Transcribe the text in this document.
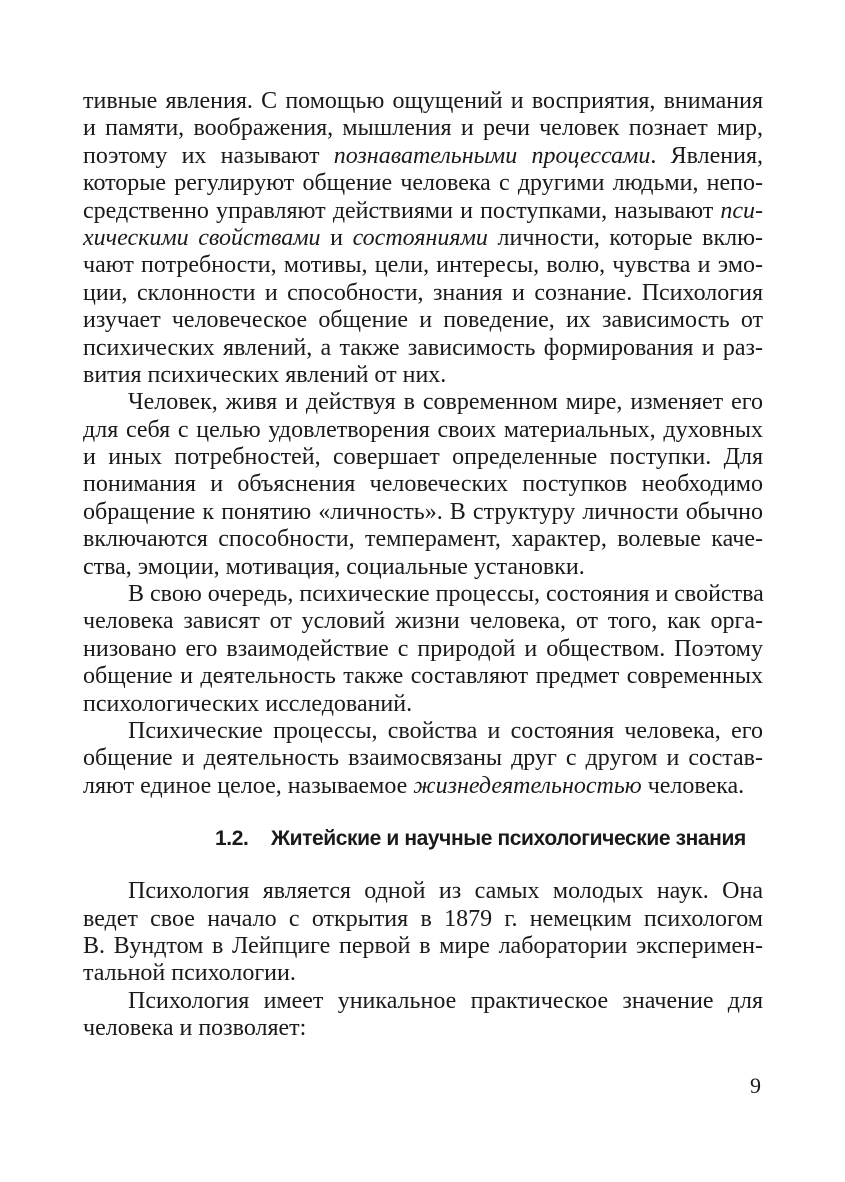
тивные явления. С помощью ощущений и восприятия, внимания
и памяти, воображения, мышления и речи человек познает мир,
поэтому их называют познавательными процессами. Явления,
которые регулируют общение человека с другими людьми, непо-
средственно управляют действиями и поступками, называют пси-
хическими свойствами и состояниями личности, которые вклю-
чают потребности, мотивы, цели, интересы, волю, чувства и эмо-
ции, склонности и способности, знания и сознание. Психология
изучает человеческое общение и поведение, их зависимость от
психических явлений, а также зависимость формирования и раз-
вития психических явлений от них.
Человек, живя и действуя в современном мире, изменяет его
для себя с целью удовлетворения своих материальных, духовных
и иных потребностей, совершает определенные поступки. Для
понимания и объяснения человеческих поступков необходимо
обращение к понятию «личность». В структуру личности обычно
включаются способности, темперамент, характер, волевые каче-
ства, эмоции, мотивация, социальные установки.
В свою очередь, психические процессы, состояния и свойства
человека зависят от условий жизни человека, от того, как орга-
низовано его взаимодействие с природой и обществом. Поэтому
общение и деятельность также составляют предмет современных
психологических исследований.
Психические процессы, свойства и состояния человека, его
общение и деятельность взаимосвязаны друг с другом и состав-
ляют единое целое, называемое жизнедеятельностью человека.
1.2. Житейские и научные психологические знания
Психология является одной из самых молодых наук. Она
ведет свое начало с открытия в 1879 г. немецким психологом
В. Вундтом в Лейпциге первой в мире лаборатории эксперимен-
тальной психологии.
Психология имеет уникальное практическое значение для
человека и позволяет:
9
